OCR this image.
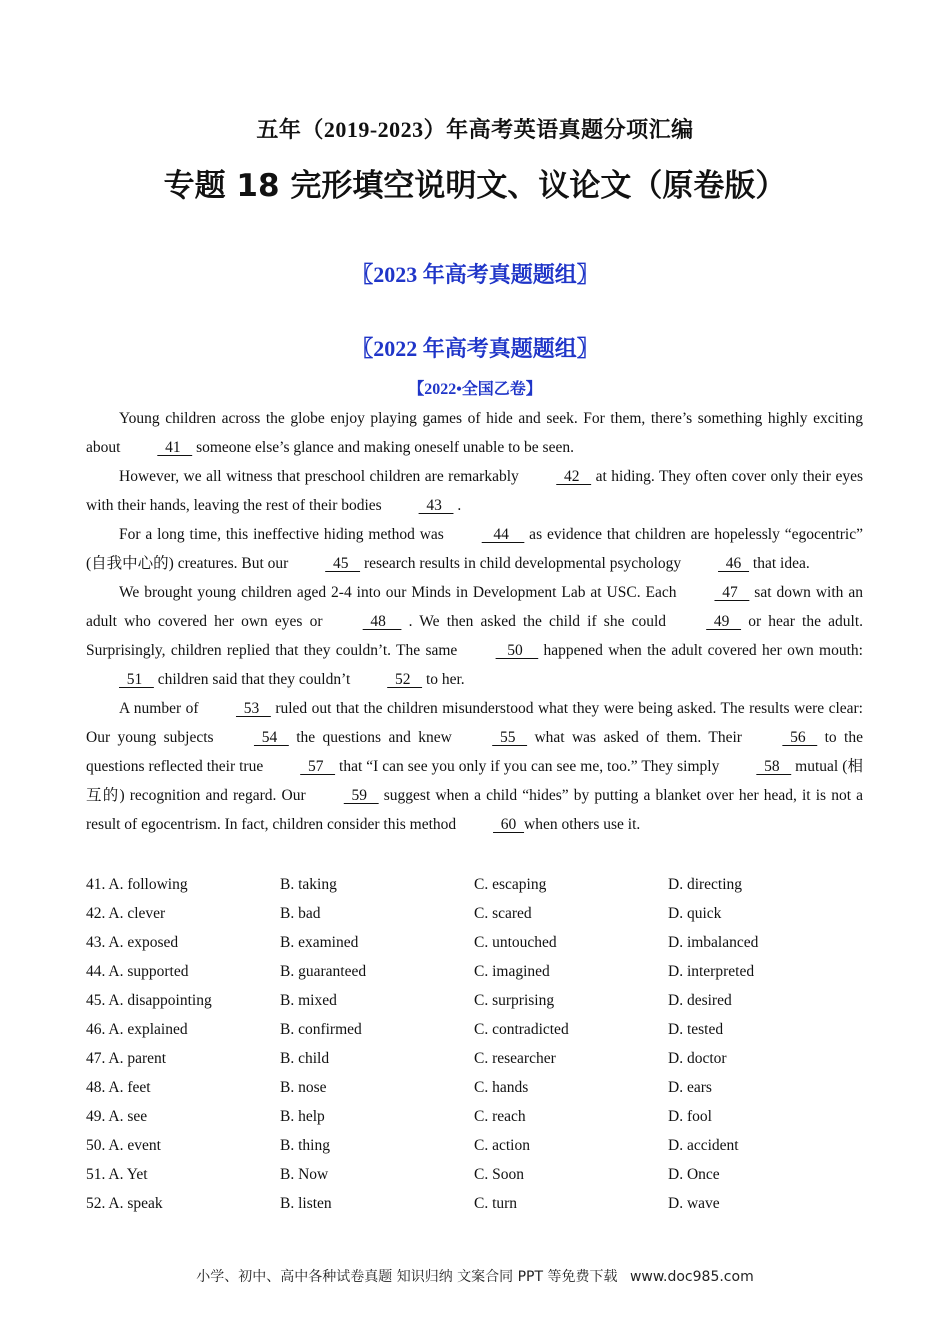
五年（2019-2023）年高考英语真题分项汇编
专题 18 完形填空说明文、议论文（原卷版）
〖2023 年高考真题题组〗
〖2022 年高考真题题组〗
【2022•全国乙卷】

Young children across the globe enjoy playing games of hide and seek. For them, there’s something highly exciting about   41    someone else’s glance and making oneself unable to be seen.

However, we all witness that preschool children are remarkably   42    at hiding. They often cover only their eyes with their hands, leaving the rest of their bodies   43    .

For a long time, this ineffective hiding method was    44     as evidence that children are hopelessly “egocentric” (自我中心的) creatures. But our   45    research results in child developmental psychology   46   that idea.

We brought young children aged 2-4 into our Minds in Development Lab at USC. Each   47    sat down with an adult who covered her own eyes or   48     . We then asked the child if she could   49    or hear the adult. Surprisingly, children replied that they couldn’t. The same    50     happened when the adult covered her own mouth:  51    children said that they couldn’t   52    to her.

A number of   53    ruled out that the children misunderstood what they were being asked. The results were clear: Our young subjects   54    the questions and knew   55    what was asked of them. Their   56    to the questions reflected their true   57    that “I can see you only if you can see me, too.” They simply   58    mutual (相互的) recognition and regard. Our   59    suggest when a child “hides” by putting a blanket over her head, it is not a result of egocentrism. In fact, children consider this method   60  when others use it.

41. A. following	B. taking	C. escaping	D. directing
42. A. clever	B. bad	C. scared	D. quick
43. A. exposed	B. examined	C. untouched	D. imbalanced
44. A. supported	B. guaranteed	C. imagined	D. interpreted
45. A. disappointing	B. mixed	C. surprising	D. desired
46. A. explained	B. confirmed	C. contradicted	D. tested
47. A. parent	B. child	C. researcher	D. doctor
48. A. feet	B. nose	C. hands	D. ears
49. A. see	B. help	C. reach	D. fool
50. A. event	B. thing	C. action	D. accident
51. A. Yet	B. Now	C. Soon	D. Once
52. A. speak	B. listen	C. turn	D. wave
小学、初中、高中各种试卷真题 知识归纳 文案合同 PPT 等免费下载 www.doc985.com
